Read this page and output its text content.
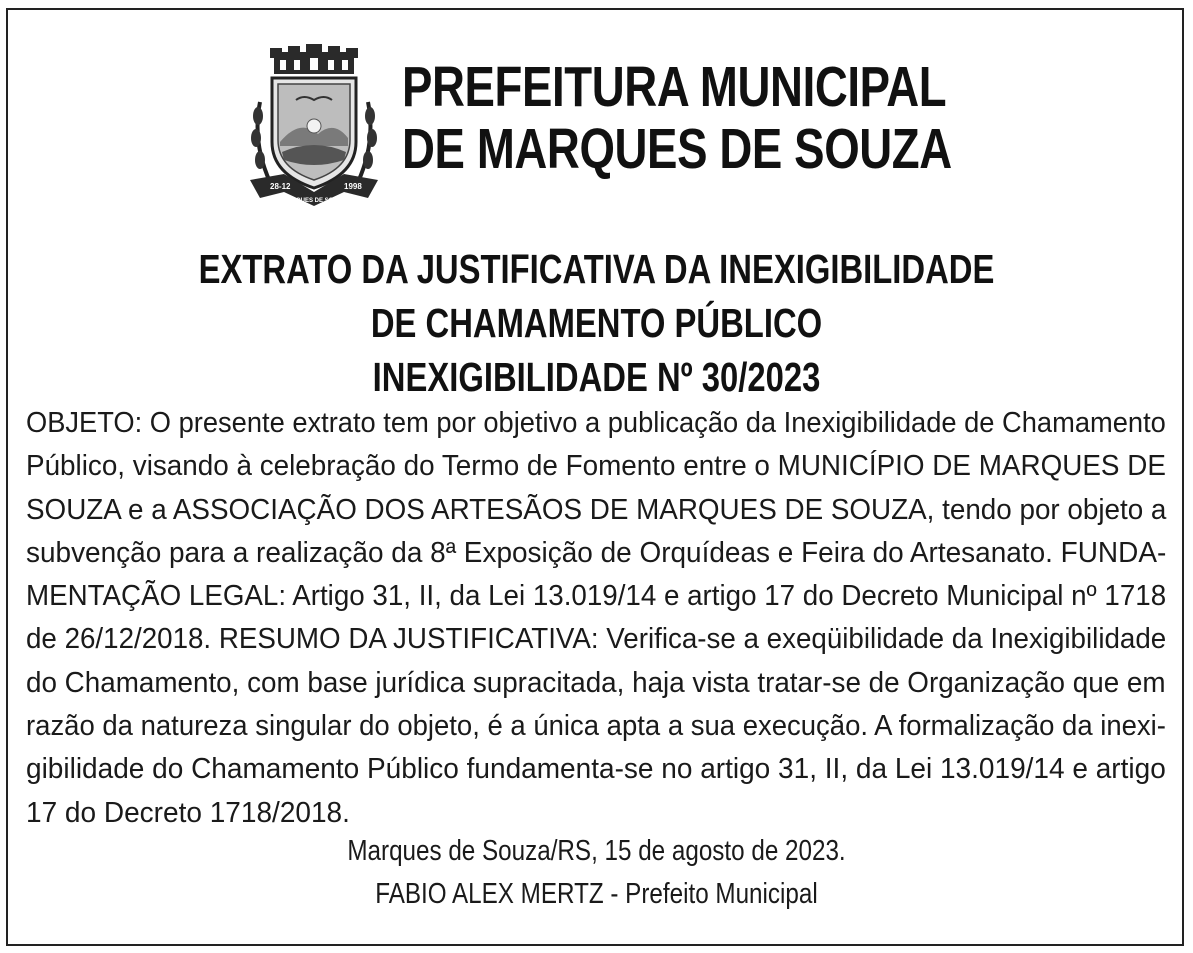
28-12	1998
MARQUES DE SOUZA
PREFEITURA MUNICIPAL
DE MARQUES DE SOUZA
EXTRATO DA JUSTIFICATIVA DA INEXIGIBILIDADE
DE CHAMAMENTO PÚBLICO
INEXIGIBILIDADE Nº 30/2023
OBJETO: O presente extrato tem por objetivo a publicação da Inexigibilidade de Chamamento
Público, visando à celebração do Termo de Fomento entre o MUNICÍPIO DE MARQUES DE
SOUZA e a ASSOCIAÇÃO DOS ARTESÃOS DE MARQUES DE SOUZA, tendo por objeto a
subvenção para a realização da 8ª Exposição de Orquídeas e Feira do Artesanato. FUNDA-
MENTAÇÃO LEGAL: Artigo 31, II, da Lei 13.019/14 e artigo 17 do Decreto Municipal nº 1718
de 26/12/2018. RESUMO DA JUSTIFICATIVA: Verifica-se a exeqüibilidade da Inexigibilidade
do Chamamento, com base jurídica supracitada, haja vista tratar-se de Organização que em
razão da natureza singular do objeto, é a única apta a sua execução. A formalização da inexi-
gibilidade do Chamamento Público fundamenta-se no artigo 31, II, da Lei 13.019/14 e artigo
17 do Decreto 1718/2018.
Marques de Souza/RS, 15 de agosto de 2023.
FABIO ALEX MERTZ - Prefeito Municipal
